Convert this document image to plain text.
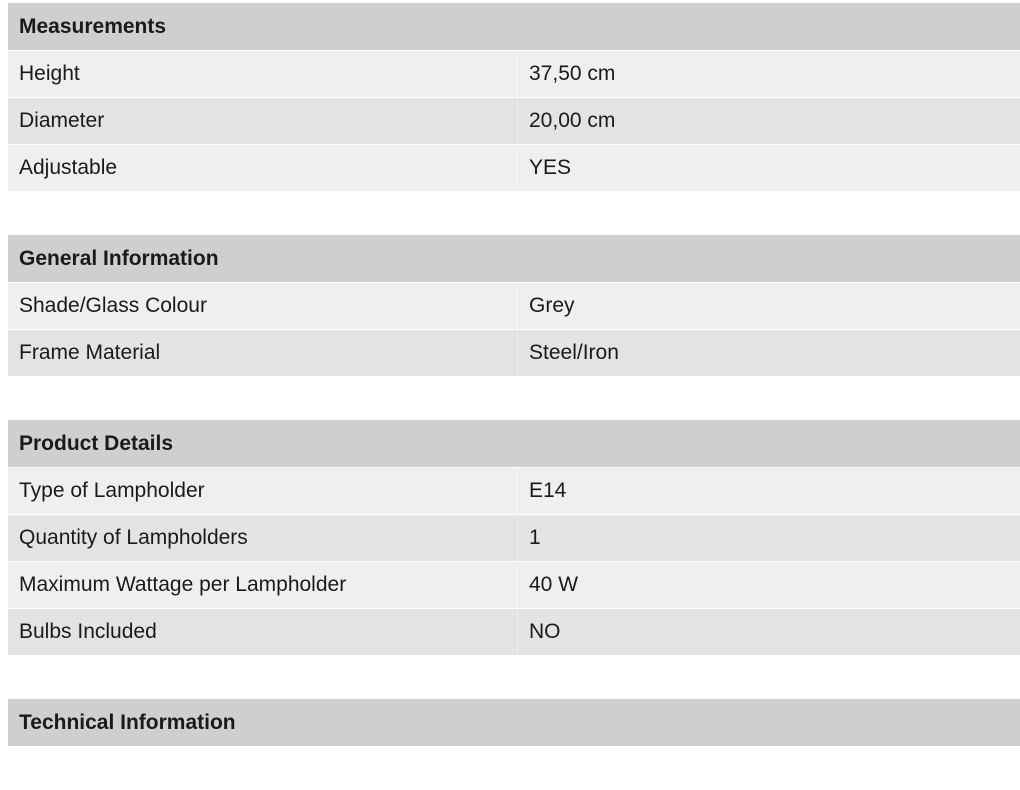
Measurements
Height	37,50 cm
Diameter	20,00 cm
Adjustable	YES
General Information
Shade/Glass Colour	Grey
Frame Material	Steel/Iron
Product Details
Type of Lampholder	E14
Quantity of Lampholders	1
Maximum Wattage per Lampholder	40 W
Bulbs Included	NO
Technical Information
